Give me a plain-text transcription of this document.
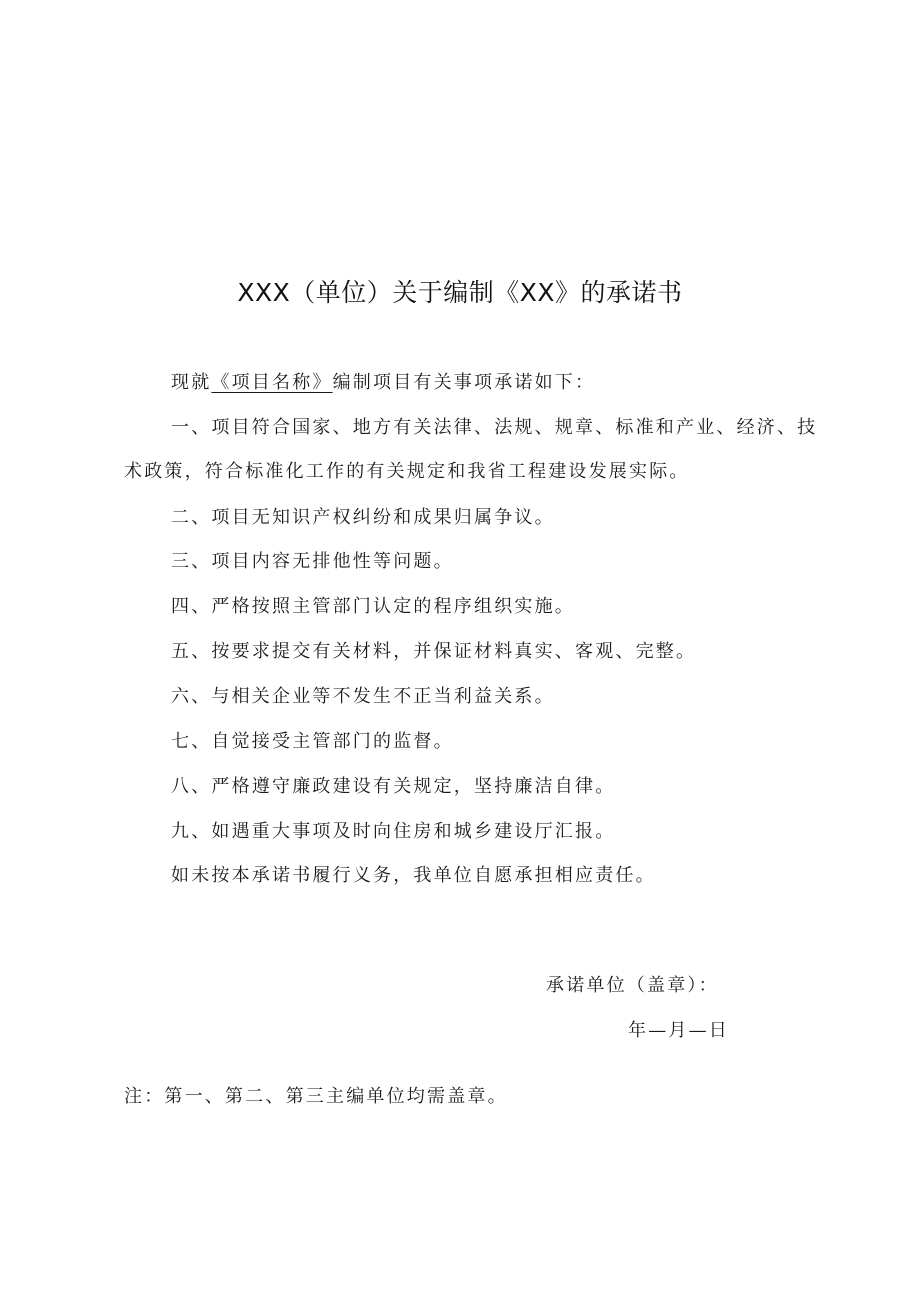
XXX（单位）关于编制《XX》的承诺书
现就《项目名称》编制项目有关事项承诺如下：
一、项目符合国家、地方有关法律、法规、规章、标准和产业、经济、技
术政策，符合标准化工作的有关规定和我省工程建设发展实际。
二、项目无知识产权纠纷和成果归属争议。
三、项目内容无排他性等问题。
四、严格按照主管部门认定的程序组织实施。
五、按要求提交有关材料，并保证材料真实、客观、完整。
六、与相关企业等不发生不正当利益关系。
七、自觉接受主管部门的监督。
八、严格遵守廉政建设有关规定，坚持廉洁自律。
九、如遇重大事项及时向住房和城乡建设厅汇报。
如未按本承诺书履行义务，我单位自愿承担相应责任。
承诺单位（盖章）：
年—月—日
注：第一、第二、第三主编单位均需盖章。
